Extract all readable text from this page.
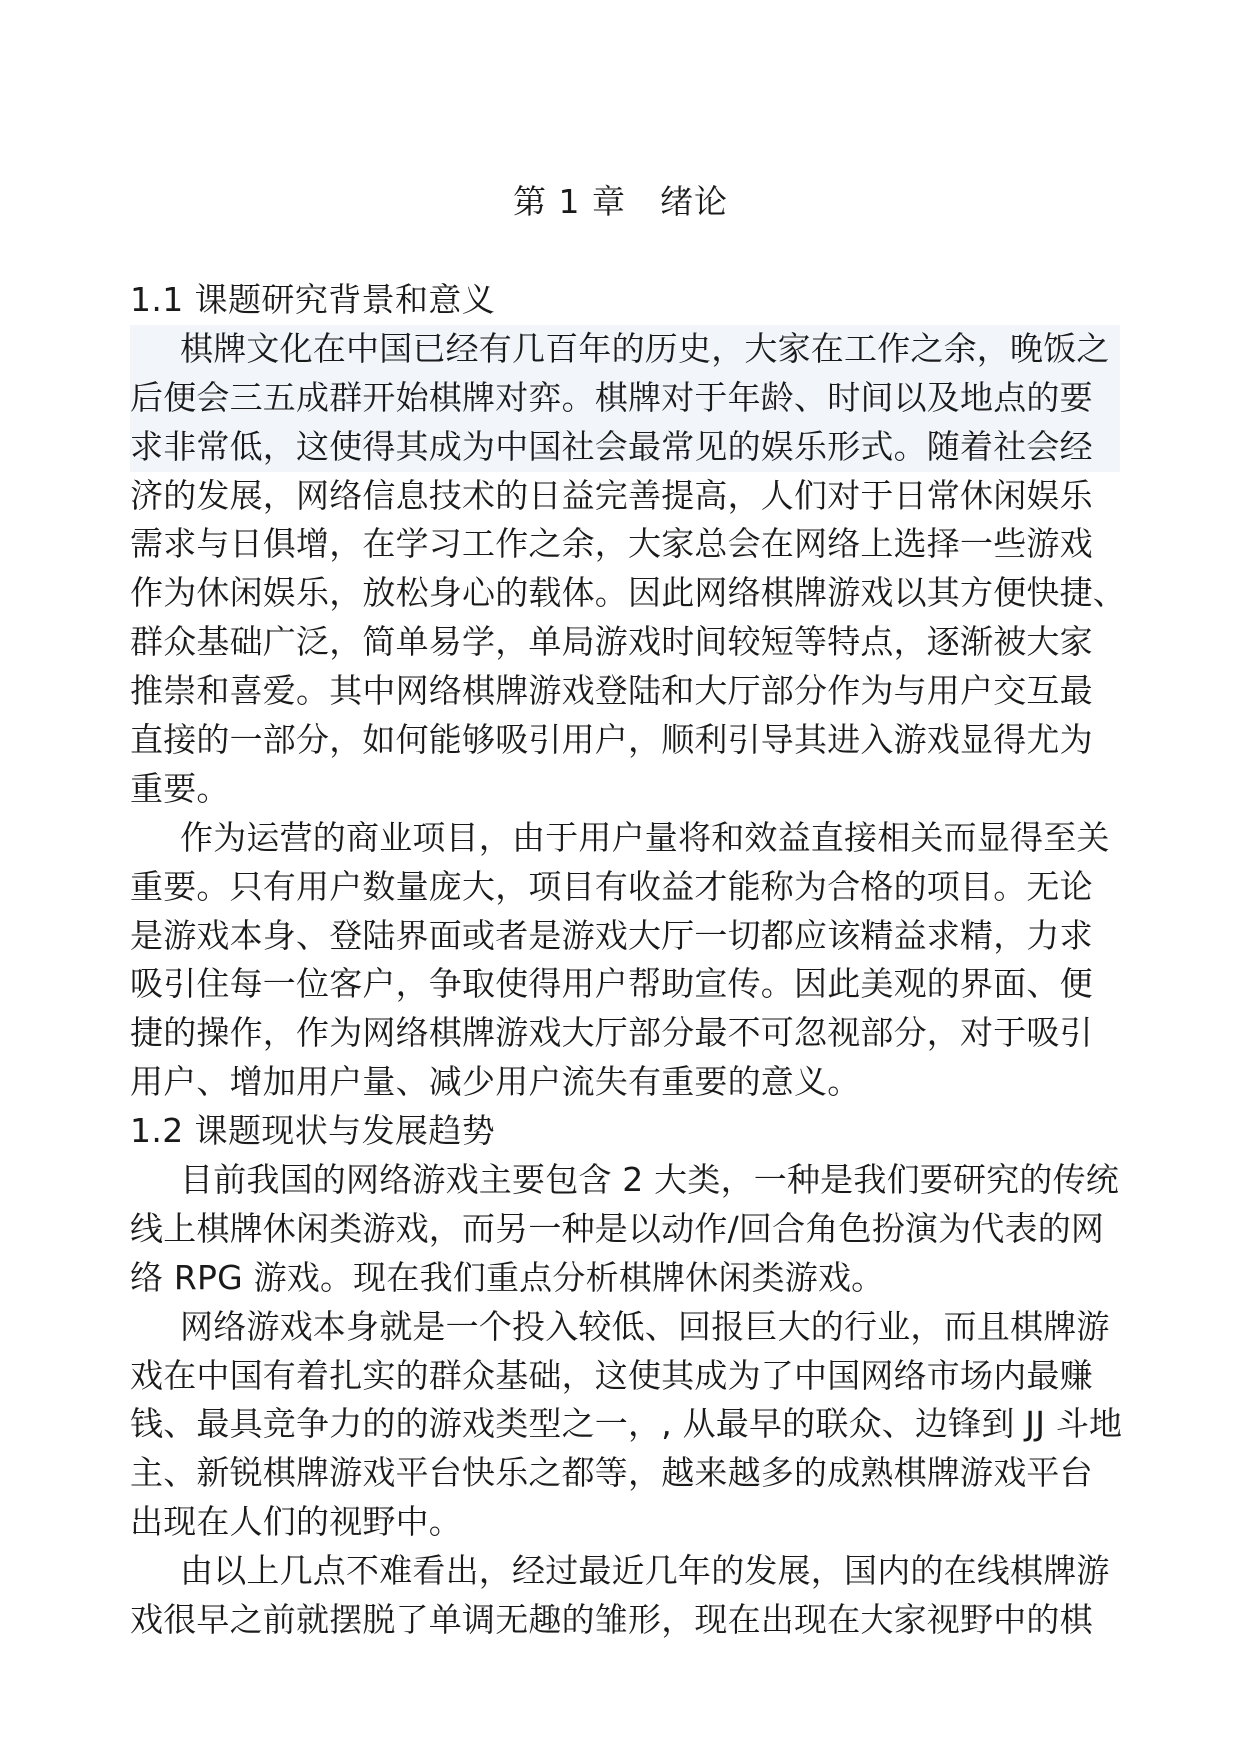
第 1 章　绪论
1.1 课题研究背景和意义
棋牌文化在中国已经有几百年的历史，大家在工作之余，晚饭之
后便会三五成群开始棋牌对弈。棋牌对于年龄、时间以及地点的要
求非常低，这使得其成为中国社会最常见的娱乐形式。随着社会经
济的发展，网络信息技术的日益完善提高，人们对于日常休闲娱乐
需求与日俱增，在学习工作之余，大家总会在网络上选择一些游戏
作为休闲娱乐，放松身心的载体。因此网络棋牌游戏以其方便快捷、
群众基础广泛，简单易学，单局游戏时间较短等特点，逐渐被大家
推崇和喜爱。其中网络棋牌游戏登陆和大厅部分作为与用户交互最
直接的一部分，如何能够吸引用户，顺利引导其进入游戏显得尤为
重要。
作为运营的商业项目，由于用户量将和效益直接相关而显得至关
重要。只有用户数量庞大，项目有收益才能称为合格的项目。无论
是游戏本身、登陆界面或者是游戏大厅一切都应该精益求精，力求
吸引住每一位客户，争取使得用户帮助宣传。因此美观的界面、便
捷的操作，作为网络棋牌游戏大厅部分最不可忽视部分，对于吸引
用户、增加用户量、减少用户流失有重要的意义。
1.2 课题现状与发展趋势
目前我国的网络游戏主要包含 2 大类，一种是我们要研究的传统
线上棋牌休闲类游戏，而另一种是以动作/回合角色扮演为代表的网
络 RPG 游戏。现在我们重点分析棋牌休闲类游戏。
网络游戏本身就是一个投入较低、回报巨大的行业，而且棋牌游
戏在中国有着扎实的群众基础，这使其成为了中国网络市场内最赚
钱、最具竞争力的的游戏类型之一，, 从最早的联众、边锋到 JJ 斗地
主、新锐棋牌游戏平台快乐之都等，越来越多的成熟棋牌游戏平台
出现在人们的视野中。
由以上几点不难看出，经过最近几年的发展，国内的在线棋牌游
戏很早之前就摆脱了单调无趣的雏形，现在出现在大家视野中的棋
